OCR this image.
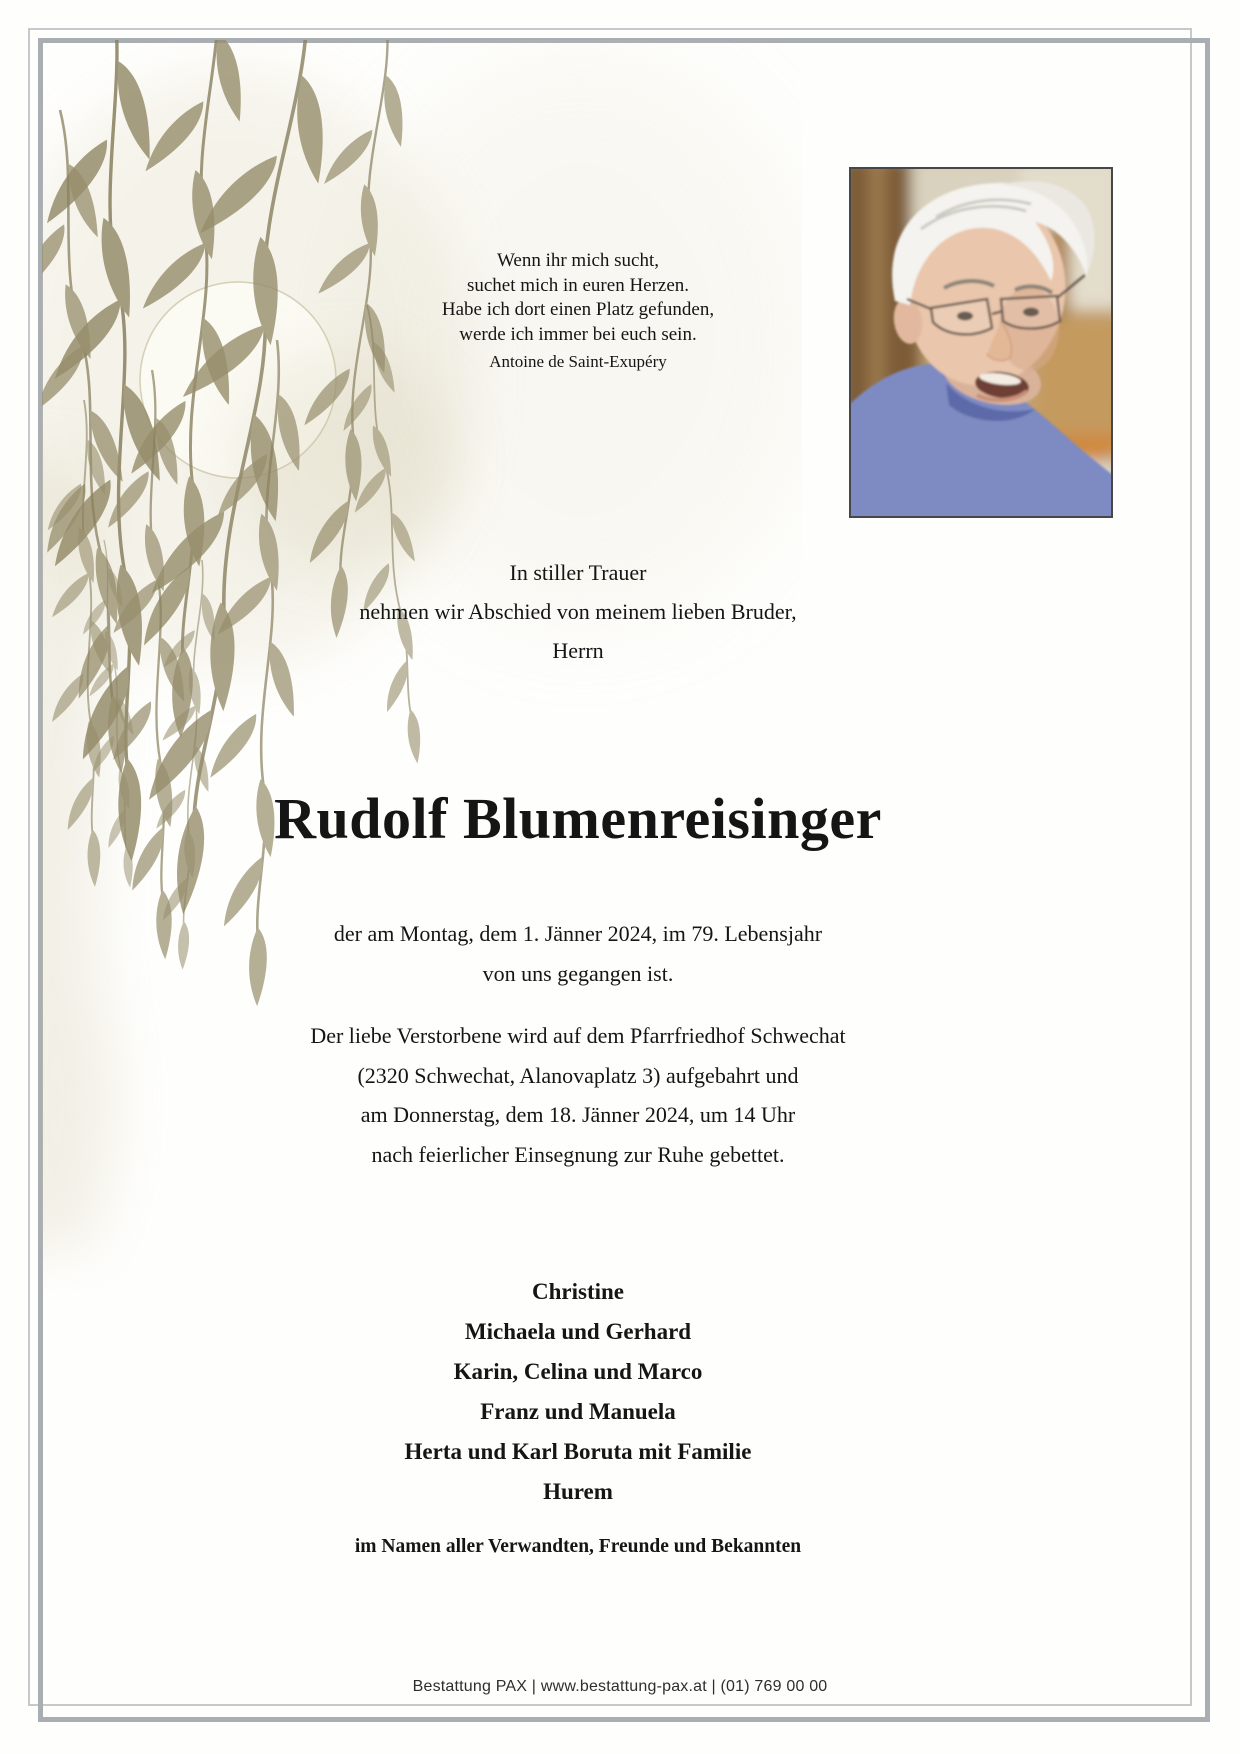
Wenn ihr mich sucht,
suchet mich in euren Herzen.
Habe ich dort einen Platz gefunden,
werde ich immer bei euch sein.
Antoine de Saint-Exupéry
In stiller Trauer
nehmen wir Abschied von meinem lieben Bruder,
Herrn
Rudolf Blumenreisinger
der am Montag, dem 1. Jänner 2024, im 79. Lebensjahr
von uns gegangen ist.
Der liebe Verstorbene wird auf dem Pfarrfriedhof Schwechat
(2320 Schwechat, Alanovaplatz 3) aufgebahrt und
am Donnerstag, dem 18. Jänner 2024, um 14 Uhr
nach feierlicher Einsegnung zur Ruhe gebettet.
Christine
Michaela und Gerhard
Karin, Celina und Marco
Franz und Manuela
Herta und Karl Boruta mit Familie
Hurem
im Namen aller Verwandten, Freunde und Bekannten
Bestattung PAX | www.bestattung-pax.at | (01) 769 00 00
